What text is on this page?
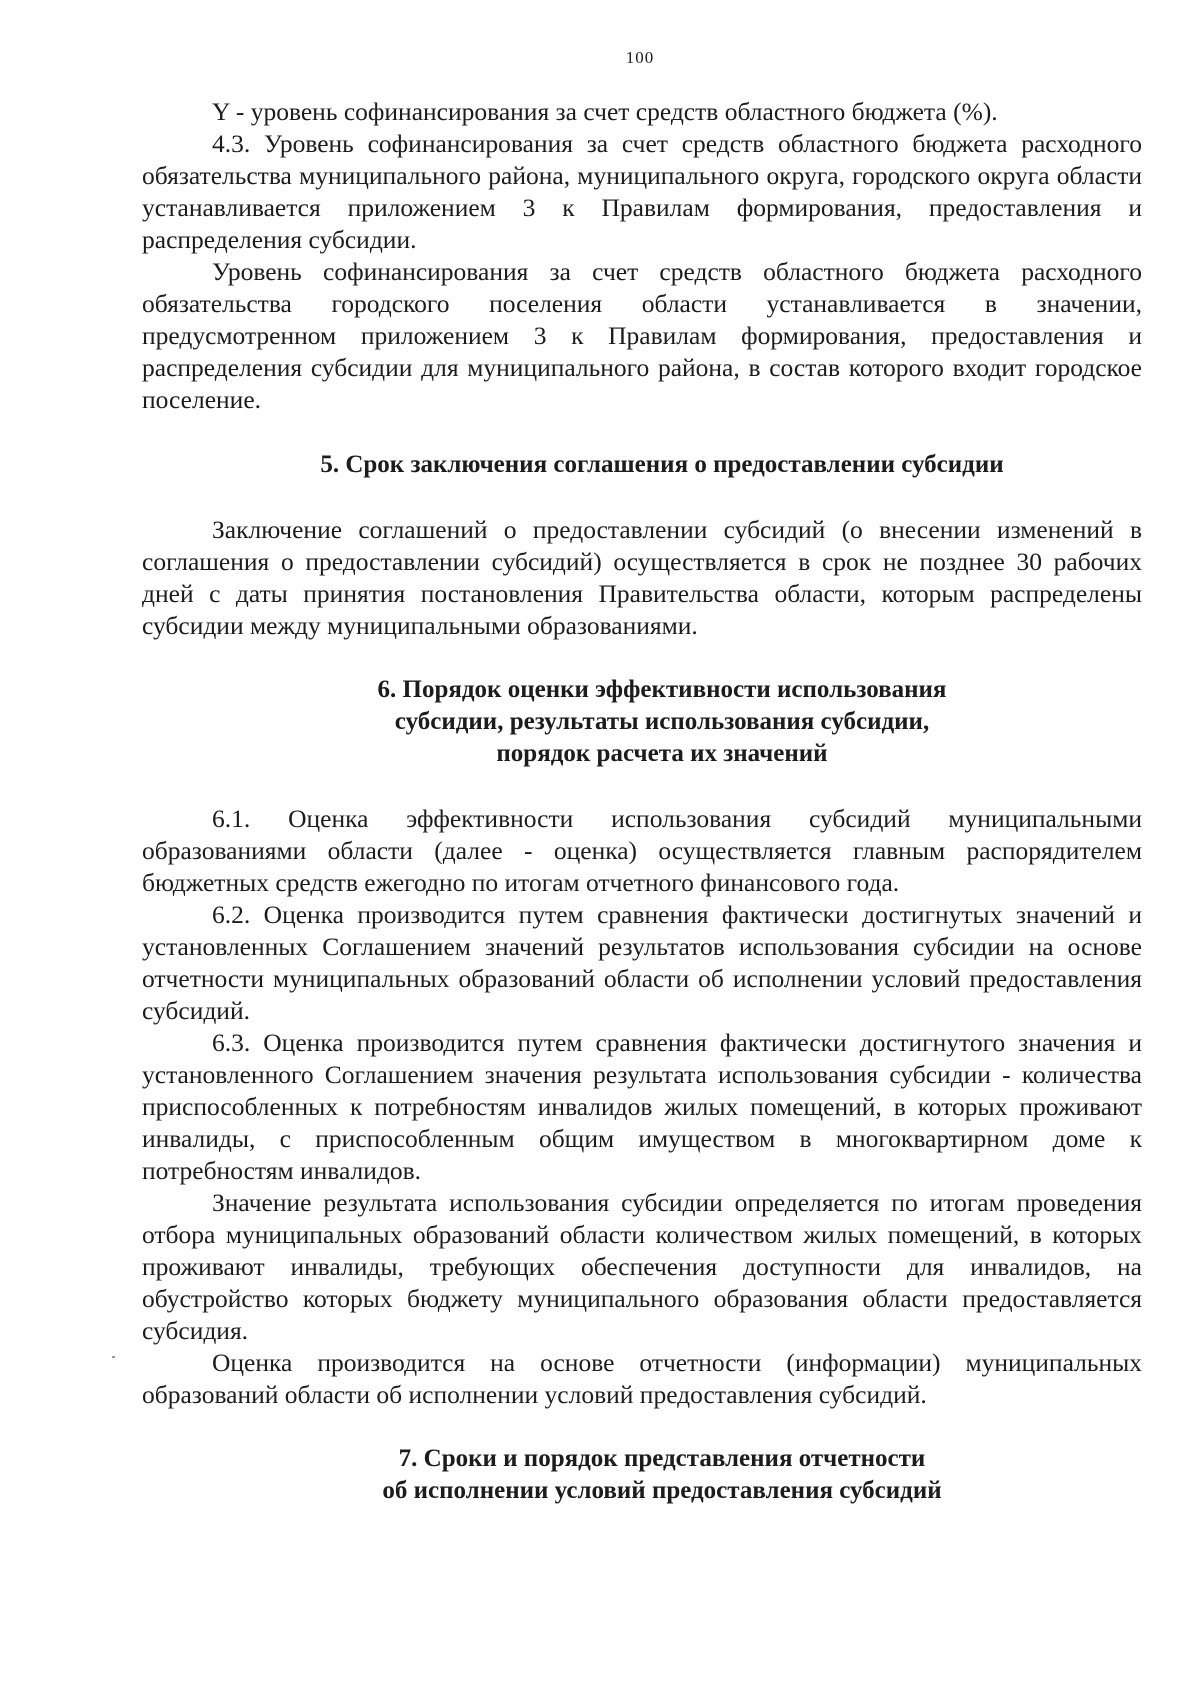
100

Y - уровень софинансирования за счет средств областного бюджета (%).

4.3. Уровень софинансирования за счет средств областного бюджета расходного обязательства муниципального района, муниципального округа, городского округа области устанавливается приложением 3 к Правилам формирования, предоставления и распределения субсидии.

Уровень софинансирования за счет средств областного бюджета расходного обязательства городского поселения области устанавливается в значении, предусмотренном приложением 3 к Правилам формирования, предоставления и распределения субсидии для муниципального района, в состав которого входит городское поселение.

5. Срок заключения соглашения о предоставлении субсидии

Заключение соглашений о предоставлении субсидий (о внесении изменений в соглашения о предоставлении субсидий) осуществляется в срок не позднее 30 рабочих дней с даты принятия постановления Правительства области, которым распределены субсидии между муниципальными образованиями.

6. Порядок оценки эффективности использования
субсидии, результаты использования субсидии,
порядок расчета их значений

6.1. Оценка эффективности использования субсидий муниципальными образованиями области (далее - оценка) осуществляется главным распорядителем бюджетных средств ежегодно по итогам отчетного финансового года.

6.2. Оценка производится путем сравнения фактически достигнутых значений и установленных Соглашением значений результатов использования субсидии на основе отчетности муниципальных образований области об исполнении условий предоставления субсидий.

6.3. Оценка производится путем сравнения фактически достигнутого значения и установленного Соглашением значения результата использования субсидии - количества приспособленных к потребностям инвалидов жилых помещений, в которых проживают инвалиды, с приспособленным общим имуществом в многоквартирном доме к потребностям инвалидов.

Значение результата использования субсидии определяется по итогам проведения отбора муниципальных образований области количеством жилых помещений, в которых проживают инвалиды, требующих обеспечения доступности для инвалидов, на обустройство которых бюджету муниципального образования области предоставляется субсидия.

Оценка производится на основе отчетности (информации) муниципальных образований области об исполнении условий предоставления субсидий.

7. Сроки и порядок представления отчетности
об исполнении условий предоставления субсидий
